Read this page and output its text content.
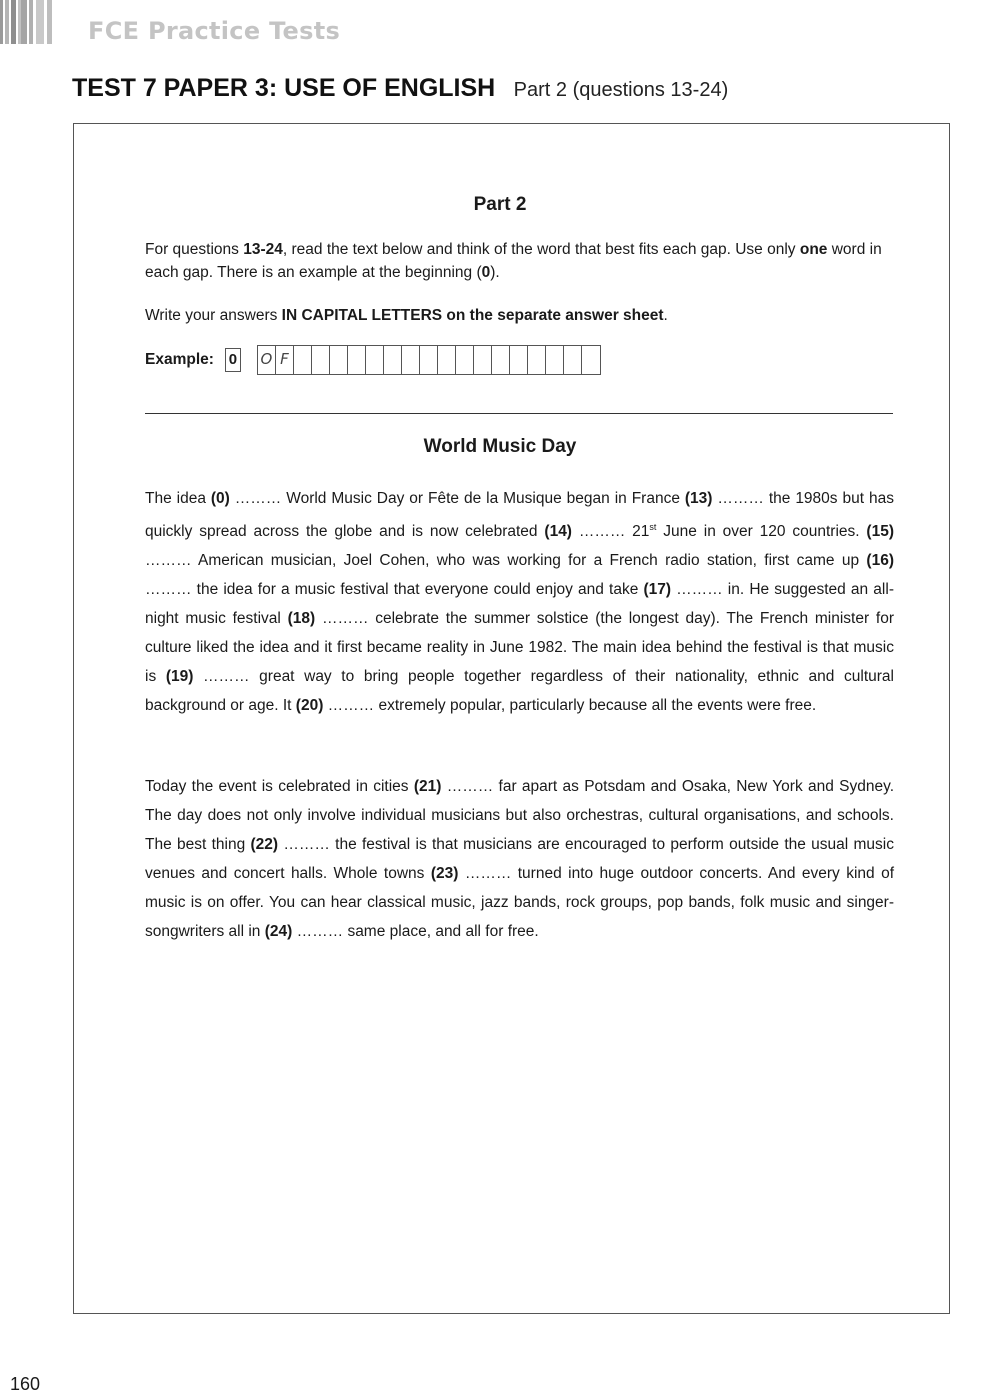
FCE Practice Tests
TEST 7 PAPER 3: USE OF ENGLISH Part 2 (questions 13-24)
Part 2
For questions 13-24, read the text below and think of the word that best fits each gap. Use only one word in each gap. There is an example at the beginning (0).
Write your answers IN CAPITAL LETTERS on the separate answer sheet.
Example: 0 O F
World Music Day
The idea (0) ……… World Music Day or Fête de la Musique began in France (13) ……… the 1980s but has quickly spread across the globe and is now celebrated (14) ……… 21st June in over 120 countries. (15) ……… American musician, Joel Cohen, who was working for a French radio station, first came up (16) ……… the idea for a music festival that everyone could enjoy and take (17) ……… in. He suggested an all-night music festival (18) ……… celebrate the summer solstice (the longest day). The French minister for culture liked the idea and it first became reality in June 1982. The main idea behind the festival is that music is (19) ……… great way to bring people together regardless of their nationality, ethnic and cultural background or age. It (20) ……… extremely popular, particularly because all the events were free.
Today the event is celebrated in cities (21) ……… far apart as Potsdam and Osaka, New York and Sydney. The day does not only involve individual musicians but also orchestras, cultural organisations, and schools. The best thing (22) ……… the festival is that musicians are encouraged to perform outside the usual music venues and concert halls. Whole towns (23) ……… turned into huge outdoor concerts. And every kind of music is on offer. You can hear classical music, jazz bands, rock groups, pop bands, folk music and singer-songwriters all in (24) ……… same place, and all for free.
160
